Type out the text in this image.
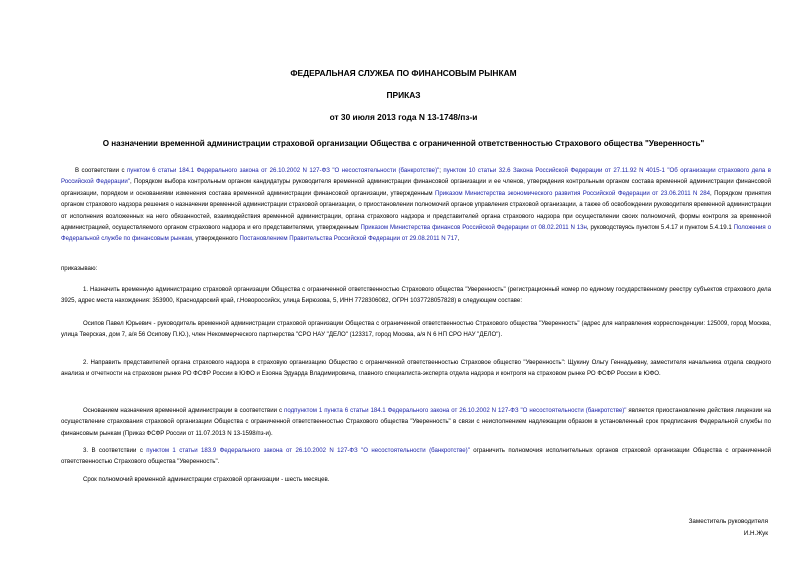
ФЕДЕРАЛЬНАЯ СЛУЖБА ПО ФИНАНСОВЫМ РЫНКАМ
ПРИКАЗ
от 30 июля 2013 года N 13-1748/пз-и
О назначении временной администрации страховой организации Общества с ограниченной ответственностью Страхового общества "Уверенность"
В соответствии с пунктом 6 статьи 184.1 Федерального закона от 26.10.2002 N 127-ФЗ "О несостоятельности (банкротстве)"; пунктом 10 статьи 32.6 Закона Российской Федерации от 27.11.92 N 4015-1 "Об организации страхового дела в Российской Федерации", Порядком выбора контрольным органом кандидатуры руководителя временной администрации финансовой организации и ее членов, утверждения контрольным органом состава временной администрации финансовой организации, порядком и основаниями изменения состава временной администрации финансовой организации, утвержденным Приказом Министерства экономического развития Российской Федерации от 23.06.2011 N 284, Порядком принятия органом страхового надзора решения о назначении временной администрации страховой организации, о приостановлении полномочий органов управления страховой организации, а также об освобождении руководителя временной администрации от исполнения возложенных на него обязанностей, взаимодействия временной администрации, органа страхового надзора и представителей органа страхового надзора при осуществлении своих полномочий, формы контроля за временной администрацией, осуществляемого органом страхового надзора и его представителями, утвержденным Приказом Министерства финансов Российской Федерации от 08.02.2011 N 13н, руководствуясь пунктом 5.4.17 и пунктом 5.4.19.1 Положения о Федеральной службе по финансовым рынкам, утвержденного Постановлением Правительства Российской Федерации от 29.08.2011 N 717,
приказываю:
1. Назначить временную администрацию страховой организации Общества с ограниченной ответственностью Страхового общества "Уверенность" (регистрационный номер по единому государственному реестру субъектов страхового дела 3925, адрес места нахождения: 353900, Краснодарский край, г.Новороссийск, улица Бирюзова, 5, ИНН 7728306082, ОГРН 1037728057828) в следующем составе:
Осипов Павел Юрьевич - руководитель временной администрации страховой организации Общества с ограниченной ответственностью Страхового общества "Уверенность" (адрес для направления корреспонденции: 125009, город Москва, улица Тверская, дом 7, а/я 56 Осипову П.Ю.), член Некоммерческого партнерства "СРО НАУ "ДЕЛО" (123317, город Москва, а/я N 6 НП СРО НАУ "ДЕЛО").
2. Направить представителей органа страхового надзора в страховую организацию Общество с ограниченной ответственностью Страховое общество "Уверенность": Щукину Ольгу Геннадьевну, заместителя начальника отдела сводного анализа и отчетности на страховом рынке РО ФСФР России в ЮФО и Езояна Эдуарда Владимировича, главного специалиста-эксперта отдела надзора и контроля на страховом рынке РО ФСФР России в ЮФО.
Основанием назначения временной администрации в соответствии с подпунктом 1 пункта 6 статьи 184.1 Федерального закона от 26.10.2002 N 127-ФЗ "О несостоятельности (банкротстве)" является приостановление действия лицензии на осуществление страхования страховой организации Общества с ограниченной ответственностью Страхового общества "Уверенность" в связи с неисполнением надлежащим образом в установленный срок предписания Федеральной службы по финансовым рынкам (Приказ ФСФР России от 11.07.2013 N 13-1598/пз-и).
3. В соответствии с пунктом 1 статьи 183.9 Федерального закона от 26.10.2002 N 127-ФЗ "О несостоятельности (банкротстве)" ограничить полномочия исполнительных органов страховой организации Общества с ограниченной ответственностью Страхового общества "Уверенность".
Срок полномочий временной администрации страховой организации - шесть месяцев.
Заместитель руководителя
И.Н.Жук
